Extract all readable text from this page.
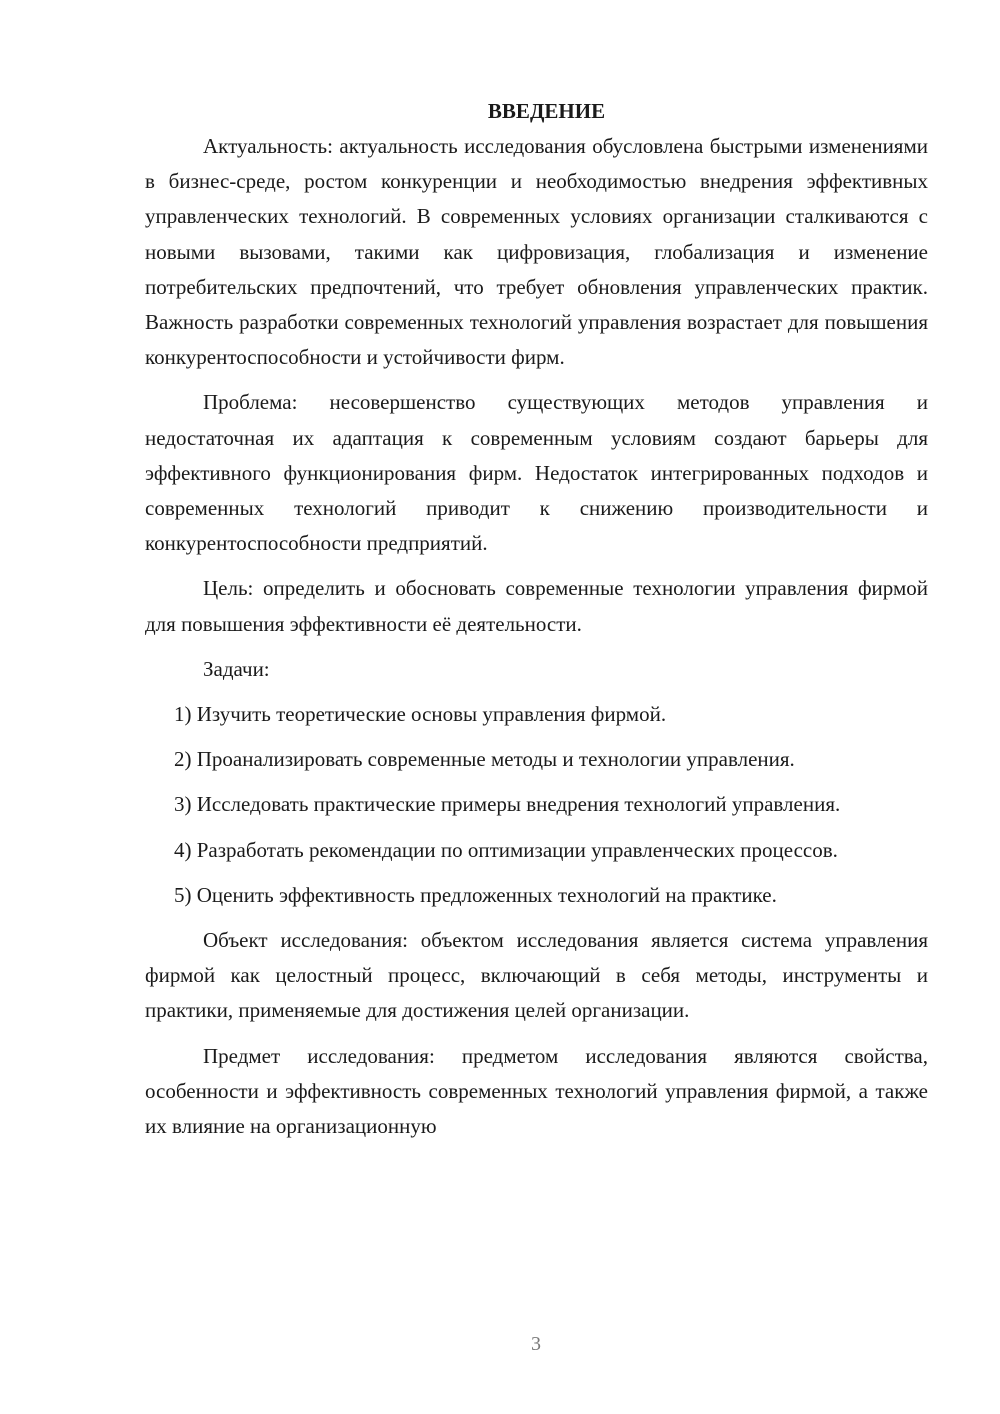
ВВЕДЕНИЕ

Актуальность: актуальность исследования обусловлена быстрыми изменениями в бизнес-среде, ростом конкуренции и необходимостью внедрения эффективных управленческих технологий. В современных условиях организации сталкиваются с новыми вызовами, такими как цифровизация, глобализация и изменение потребительских предпочтений, что требует обновления управленческих практик. Важность разработки современных технологий управления возрастает для повышения конкурентоспособности и устойчивости фирм.

Проблема: несовершенство существующих методов управления и недостаточная их адаптация к современным условиям создают барьеры для эффективного функционирования фирм. Недостаток интегрированных подходов и современных технологий приводит к снижению производительности и конкурентоспособности предприятий.

Цель: определить и обосновать современные технологии управления фирмой для повышения эффективности её деятельности.

Задачи:

1) Изучить теоретические основы управления фирмой.

2) Проанализировать современные методы и технологии управления.

3) Исследовать практические примеры внедрения технологий управления.

4) Разработать рекомендации по оптимизации управленческих процессов.

5) Оценить эффективность предложенных технологий на практике.

Объект исследования: объектом исследования является система управления фирмой как целостный процесс, включающий в себя методы, инструменты и практики, применяемые для достижения целей организации.

Предмет исследования: предметом исследования являются свойства, особенности и эффективность современных технологий управления фирмой, а также их влияние на организационную

3
